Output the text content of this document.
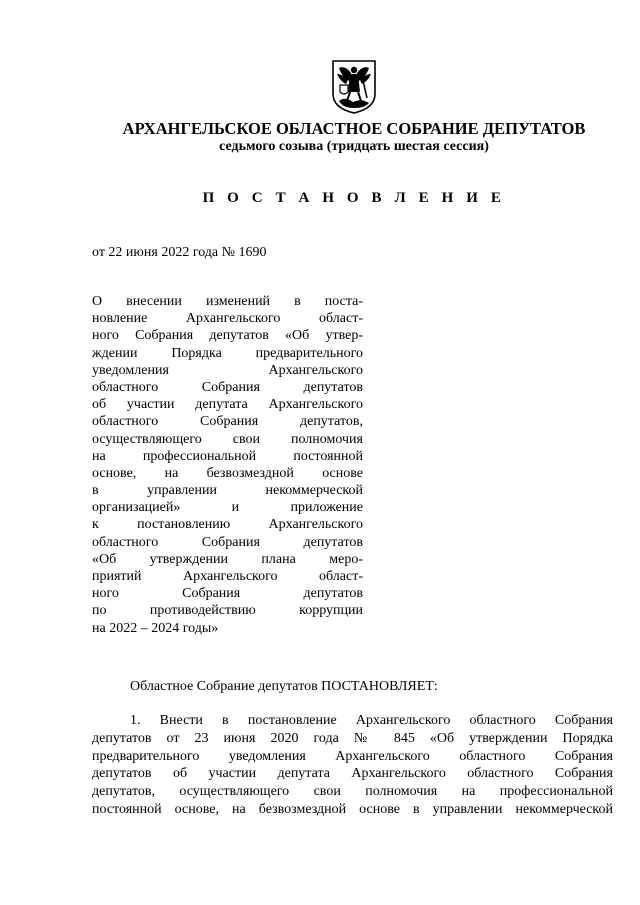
АРХАНГЕЛЬСКОЕ ОБЛАСТНОЕ СОБРАНИЕ ДЕПУТАТОВ
седьмого созыва (тридцать шестая сессия)
П О С Т А Н О В Л Е Н И Е
от 22 июня 2022 года № 1690
О внесении изменений в поста-
новление Архангельского област-
ного Собрания депутатов «Об утвер-
ждении Порядка предварительного
уведомления Архангельского
областного Собрания депутатов
об участии депутата Архангельского
областного Собрания депутатов,
осуществляющего свои полномочия
на профессиональной постоянной
основе, на безвозмездной основе
в управлении некоммерческой
организацией» и приложение
к постановлению Архангельского
областного Собрания депутатов
«Об утверждении плана меро-
приятий Архангельского област-
ного Собрания депутатов
по противодействию коррупции
на 2022 – 2024 годы»
Областное Собрание депутатов ПОСТАНОВЛЯЕТ:
1. Внести в постановление Архангельского областного Собрания
депутатов от 23 июня 2020 года № 845 «Об утверждении Порядка
предварительного уведомления Архангельского областного Собрания
депутатов об участии депутата Архангельского областного Собрания
депутатов, осуществляющего свои полномочия на профессиональной
постоянной основе, на безвозмездной основе в управлении некоммерческой
